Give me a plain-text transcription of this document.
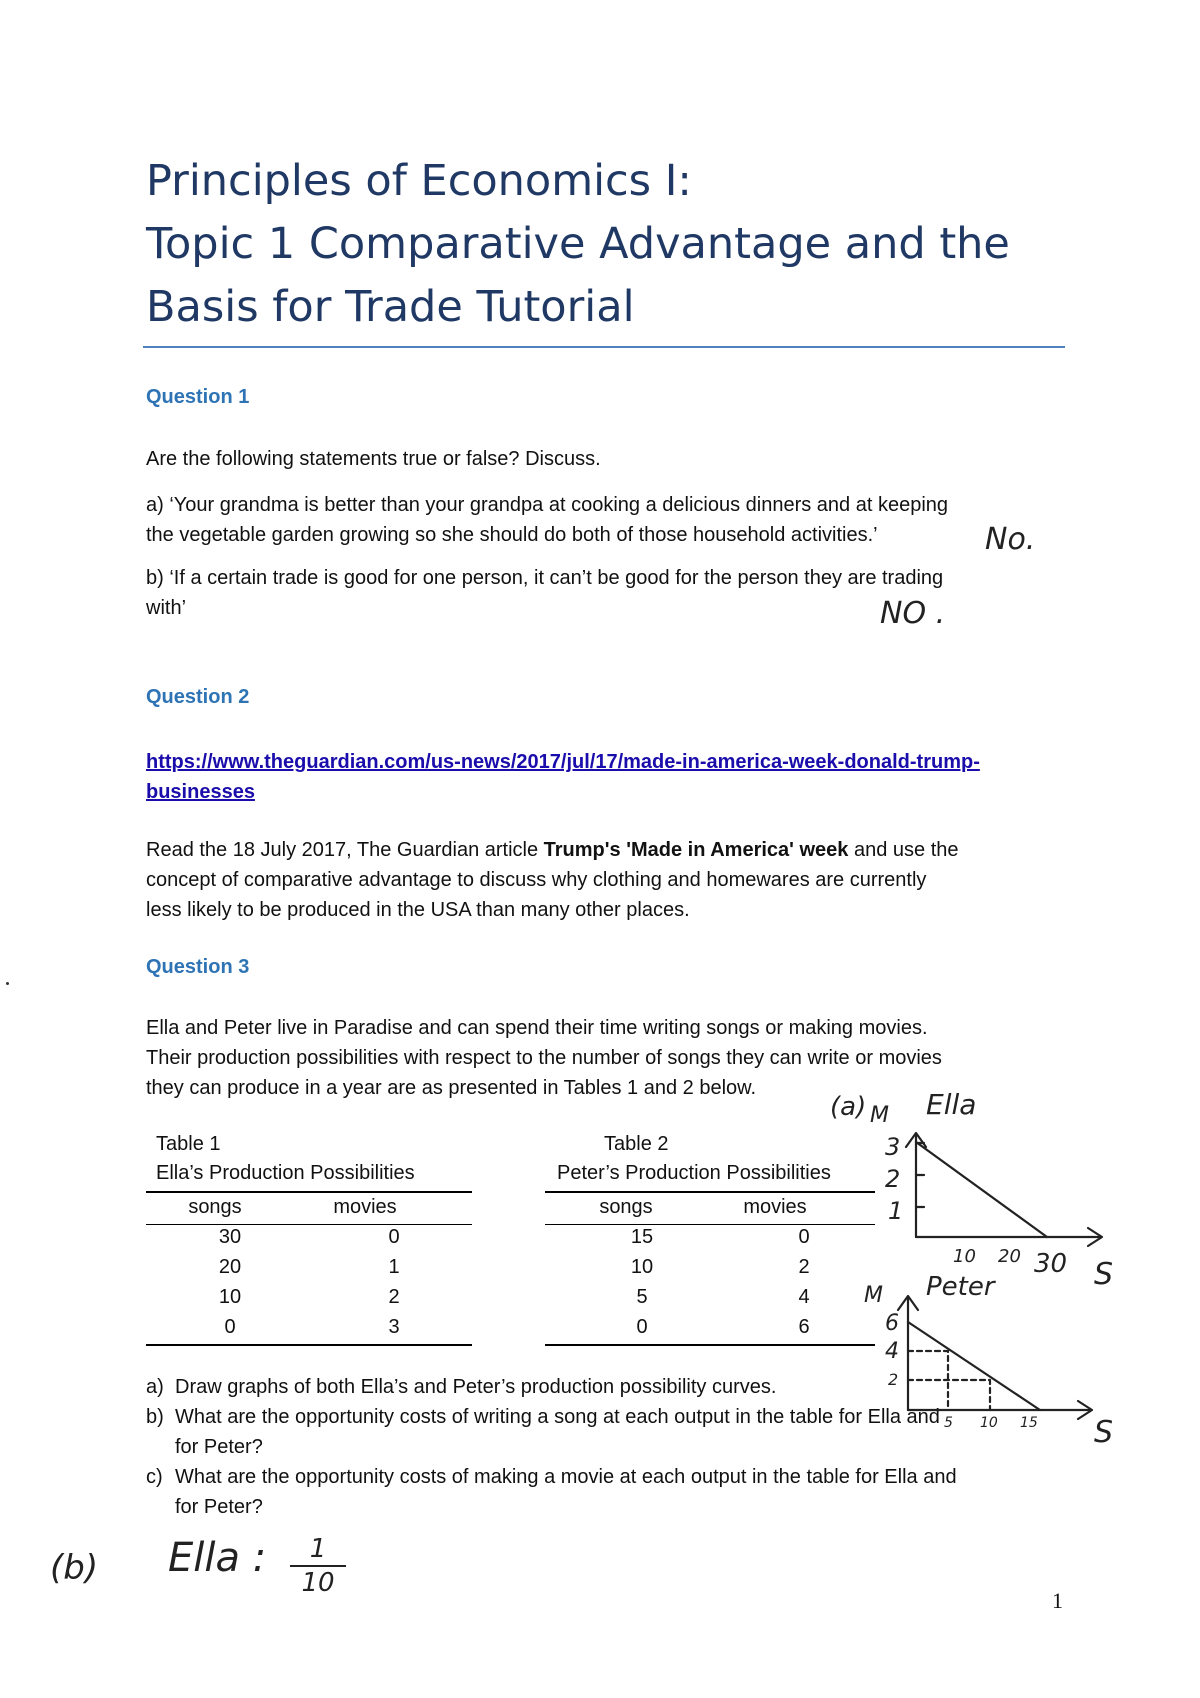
Principles of Economics I:
Topic 1 Comparative Advantage and the
Basis for Trade Tutorial
Question 1
Are the following statements true or false? Discuss.
a) ‘Your grandma is better than your grandpa at cooking a delicious dinners and at keeping
the vegetable garden growing so she should do both of those household activities.’
b) ‘If a certain trade is good for one person, it can’t be good for the person they are trading
with’
No.
NO .
Question 2
https://www.theguardian.com/us-news/2017/jul/17/made-in-america-week-donald-trump-
businesses
Read the 18 July 2017, The Guardian article Trump's 'Made in America' week and use the
concept of comparative advantage to discuss why clothing and homewares are currently
less likely to be produced in the USA than many other places.
Question 3
Ella and Peter live in Paradise and can spend their time writing songs or making movies.
Their production possibilities with respect to the number of songs they can write or movies
they can produce in a year are as presented in Tables 1 and 2 below.
Table 1
Ella’s Production Possibilities
songs	movies
30	0
20	1
10	2
0	3
Table 2
Peter’s Production Possibilities
songs	movies
15	0
10	2
5	4
0	6
a) Draw graphs of both Ella’s and Peter’s production possibility curves.
b) What are the opportunity costs of writing a song at each output in the table for Ella and
for Peter?
c) What are the opportunity costs of making a movie at each output in the table for Ella and
for Peter?
(a) M Ella
3
2
1
10 20 30 S
M Peter
6
4
2
5 10 15 S
(b) Ella :	1
10
1
